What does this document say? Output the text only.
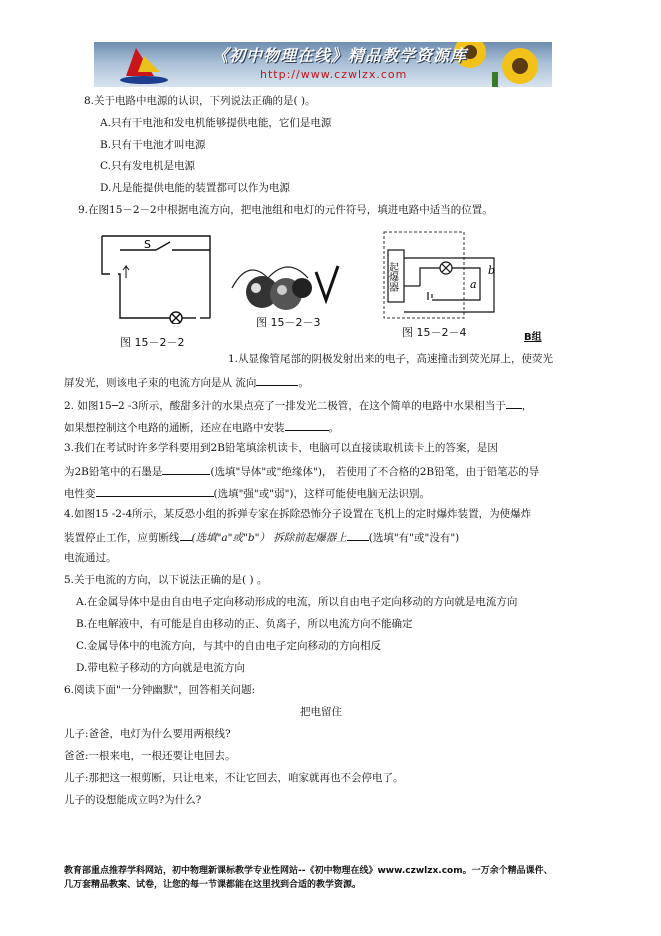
《初中物理在线》精品教学资源库
http://www.czwlzx.com
8.关于电路中电源的认识，下列说法正确的是( )。
A.只有干电池和发电机能够提供电能，它们是电源
B.只有干电池才叫电源
C.只有发电机是电源
D.凡是能提供电能的装置都可以作为电源
9.在图15－2－2中根据电流方向，把电池组和电灯的元件符号，填进电路中适当的位置。
S
图 15－2－2
图 15－2－3
起爆器	a
b
图 15－2－4	B组
1.从显像管尾部的阴极发射出来的电子，高速撞击到荧光屏上，使荧光
屏发光，则该电子束的电流方向是从 流向	。
2. 如图15─2 -3所示，酸甜多汁的水果点亮了一排发光二极管，在这个简单的电路中水果相当于 ，
如果想控制这个电路的通断，还应在电路中安装	。
3.我们在考试时许多学科要用到2B铅笔填涂机读卡，电脑可以直接读取机读卡上的答案，是因
为2B铅笔中的石墨是	(选填"导体"或"绝缘体")， 若使用了不合格的2B铅笔，由于铅笔芯的导
电性变	(选填"强"或"弱")，这样可能使电脑无法识别。
4.如图15 -2-4所示，某反恐小组的拆弹专家在拆除恐怖分子设置在飞机上的定时爆炸装置，为使爆炸
装置停止工作，应剪断线 (选填"a"或"b"） 拆除前起爆器上 (选填"有"或"没有")
电流通过。
5.关于电流的方向，以下说法正确的是( ) 。
A.在金属导体中是由自由电子定向移动形成的电流，所以自由电子定向移动的方向就是电流方向
B.在电解液中，有可能是自由移动的正、负离子，所以电流方向不能确定
C.金属导体中的电流方向，与其中的自由电子定向移动的方向相反
D.带电粒子移动的方向就是电流方向
6.阅读下面"一分钟幽默"，回答相关问题:
把电留住
儿子:爸爸，电灯为什么要用两根线?
爸爸:一根来电，一根还要让电回去。
儿子:那把这一根剪断，只让电来，不让它回去，咱家就再也不会停电了。
儿子的设想能成立吗?为什么?
教育部重点推荐学科网站，初中物理新课标教学专业性网站--《初中物理在线》www.czwlzx.com。一万余个精品课件、
几万套精品教案、试卷，让您的每一节课都能在这里找到合适的教学资源。
